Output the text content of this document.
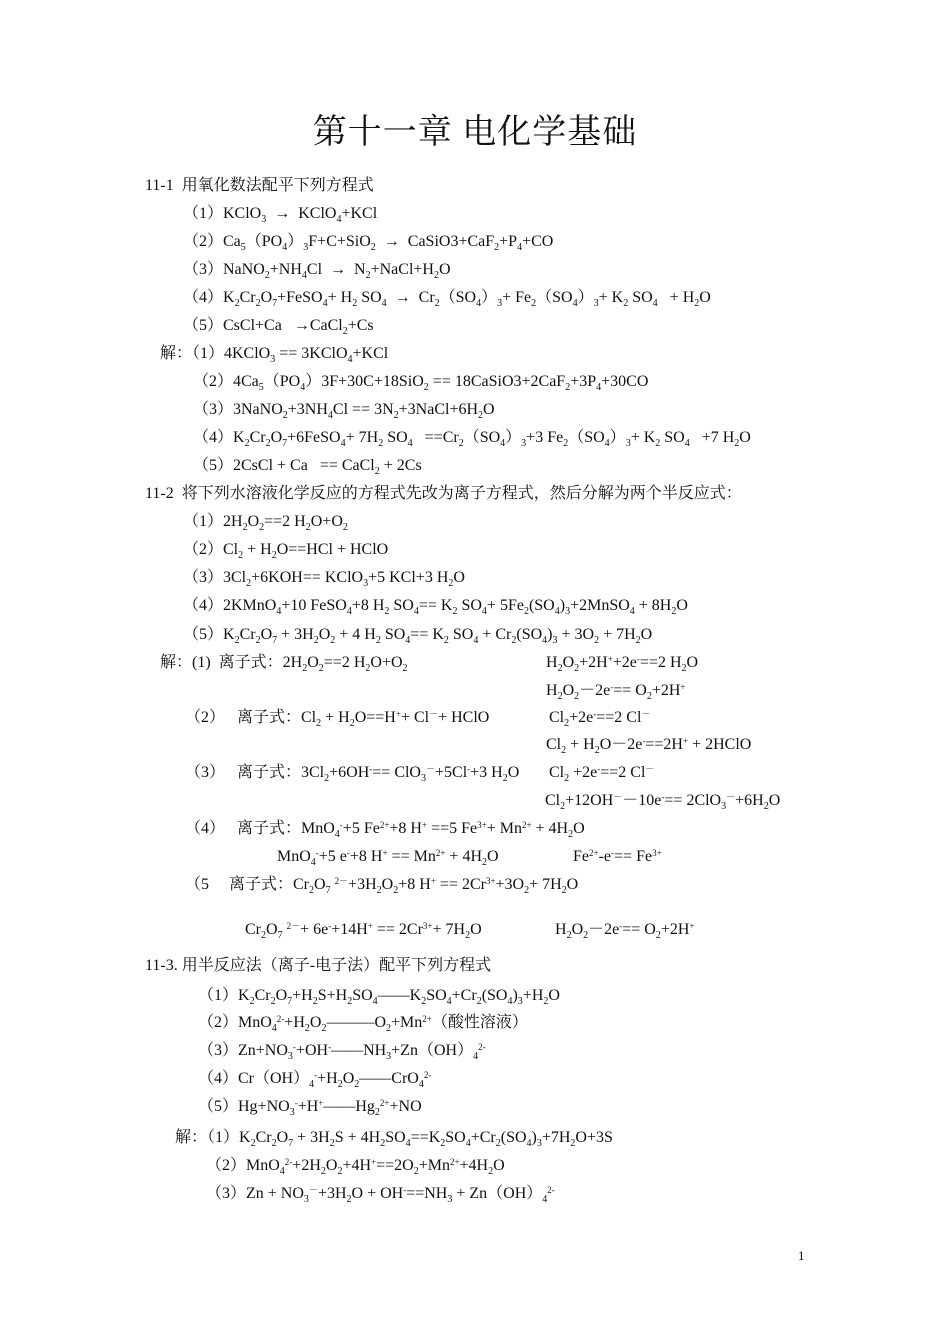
第十一章 电化学基础
11-1  用氧化数法配平下列方程式
（1）KClO$_3$  →  KClO$_4$+KCl
$(2)Ca_5(PO_4)_3F+C+SiO_2$  →  $CaSiO3+CaF_2+P_4+CO$
$(3)NaNO_2+NH_4Cl$  →  $N_2+NaCl+H_2O$
$(4)K_2Cr_2O_7+FeSO_4+ H_2$ $SO_4 \to Cr_2(SO_4)_3+ Fe_2(SO_4)_3+ K_2$ $SO_4 + H_2O$
（5）CsCl+Ca   →CaCl$_2$+Cs
解：（1）4KClO$_3$ == 3KClO$_4$+KCl
$(2)4Ca_5(PO_4)3F+30C+18SiO_2$ == $18CaSiO3+2CaF_2+3P_4+30CO$
$(3)3NaNO_2+3NH_4Cl$ == $3N_2+3NaCl+6H_2O$
$(4)K_2Cr_2O_7+6FeSO_4+ 7H_2$ $SO_4 ==Cr_2(SO_4)_3+3$ $Fe_2(SO_4)_3+ K_2$ $SO_4 +7$ $H_2O$
（5）2CsCl + Ca   == CaCl$_2$ + 2Cs
11-2  将下列水溶液化学反应的方程式先改为离子方程式，然后分解为两个半反应式：
$(1)2H_2O_2==2$ $H_2O+O_2$
$(2)Cl_2 + H_2O==HCl$ + HClO
$(3)3Cl_2+6KOH==$ KClO$_3$+5 KCl+3 $H_2O$
（4）2KMnO$_4$+10 FeSO$_4$+8 $H_2$ $SO_4== K_2$ $SO_4+$ $5Fe_2(SO_4)_3+2MnSO_4 + 8H_2O$
$(5)K_2Cr_2O_7 + 3H_2O_2 + 4$ $H_2$ $SO_4== K_2$ $SO_4 + Cr_2(SO_4)_3 + 3O_2 + 7H_2O$
解：(1)  离子式：$2H_2O_2==2$ $H_2O+O_2$	$H_2O_2+2H^++2e^-==2$ $H_2O$
$H_2O_2-2e^-== O_2+2H^+$
（2）   离子式：$Cl_2 + H_2O==H^++ Cl^-+$ HClO	$Cl_2+2e^-==2$ Cl－
$Cl_2 + H_2O-2e^-==2H^+$ + 2HClO
（3）   离子式：$3Cl_2+6OH^-== ClO_3^-+5Cl^-+3$ $H_2O$ $Cl_2 +2e^-==2$ Cl－
$Cl_2+12OH^--10e^-== 2ClO_3^-+6H_2O$
（4）   离子式：MnO$_4$-+5 $Fe^{2+}+8$ H+ ==5 $Fe^{3+}+ Mn^{2+} + 4H_2O$
MnO$_4$-+5 e-+8 $H^+ == Mn^{2+} + 4H_2O$	$Fe^{2+}-e^-== Fe^{3+}$
（5     离子式：$Cr_2O_7$ $^{2-}+3H_2O_2+8$ $H^+ == 2Cr^{3+}+3O_2+ 7H_2O$
$Cr_2O_7$ $^{2-}+ 6e^-+14H^+ == 2Cr^{3+}+ 7H_2O$	$H_2O_2-2e^-== O_2+2H^+$
11-3. 用半反应法（离子-电子法）配平下列方程式
$(1)K_2Cr_2O_7+H_2S+H_2SO_4——K_2SO_4+Cr_2(SO_4)_3+H_2O$
$(2)MnO_4^{2-}+H_2O_2———O_2+Mn^{2+}$（酸性溶液）
$(3)Zn+NO_3^-+OH^-——NH_3+Zn(OH)_4^{2-}$
$(4)Cr(OH)_4^-+H_2O_2——CrO_4^{2-}$
$(5)Hg+NO_3^-+H^+——Hg_2^{2+}+NO$
解：$(1)K_2Cr_2O_7 + 3H_2S + 4H_2SO_4==K_2SO_4+Cr_2(SO_4)_3+7H_2O+3S$
$(2)MnO_4^{2-}+2H_2O_2+4H^+==2O_2+Mn^{2+}+4H_2O$
$(3)Zn + NO_3^-+3H_2O + OH^-==NH_3 + Zn(OH)_4^{2-}$
1
